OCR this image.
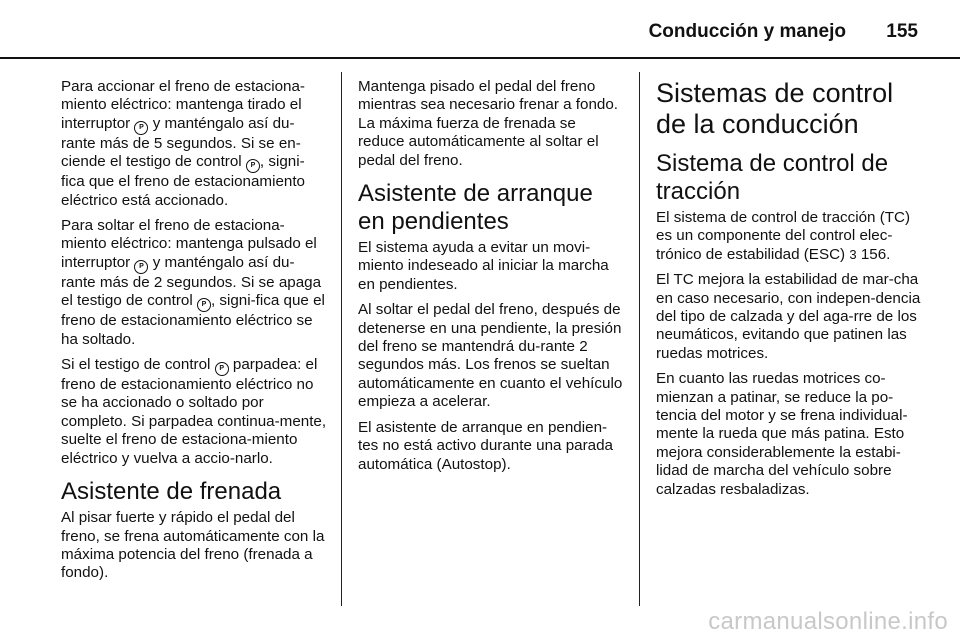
Conducción y manejo 155

Para accionar el freno de estaciona-miento eléctrico: mantenga tirado el interruptor P y manténgalo así du-rante más de 5 segundos. Si se en-ciende el testigo de control P , signi-fica que el freno de estacionamiento eléctrico está accionado.

Para soltar el freno de estaciona-miento eléctrico: mantenga pulsado el interruptor P y manténgalo así du-rante más de 2 segundos. Si se apaga el testigo de control P , signi-fica que el freno de estacionamiento eléctrico se ha soltado.

Si el testigo de control P parpadea: el freno de estacionamiento eléctrico no se ha accionado o soltado por completo. Si parpadea continua-mente, suelte el freno de estaciona-miento eléctrico y vuelva a accio-narlo.

Asistente de frenada

Al pisar fuerte y rápido el pedal del freno, se frena automáticamente con la máxima potencia del freno (frenada a fondo).

Mantenga pisado el pedal del freno mientras sea necesario frenar a fondo. La máxima fuerza de frenada se reduce automáticamente al soltar el pedal del freno.

Asistente de arranque en pendientes

El sistema ayuda a evitar un movi-miento indeseado al iniciar la marcha en pendientes.

Al soltar el pedal del freno, después de detenerse en una pendiente, la presión del freno se mantendrá du-rante 2 segundos más. Los frenos se sueltan automáticamente en cuanto el vehículo empieza a acelerar.

El asistente de arranque en pendien-tes no está activo durante una parada automática (Autostop).

Sistemas de control de la conducción
Sistema de control de tracción

El sistema de control de tracción (TC) es un componente del control elec-trónico de estabilidad (ESC) 3 156.

El TC mejora la estabilidad de mar-cha en caso necesario, con indepen-dencia del tipo de calzada y del aga-rre de los neumáticos, evitando que patinen las ruedas motrices.

En cuanto las ruedas motrices co-mienzan a patinar, se reduce la po-tencia del motor y se frena individual-mente la rueda que más patina. Esto mejora considerablemente la estabi-lidad de marcha del vehículo sobre calzadas resbaladizas.

carmanualsonline.info
